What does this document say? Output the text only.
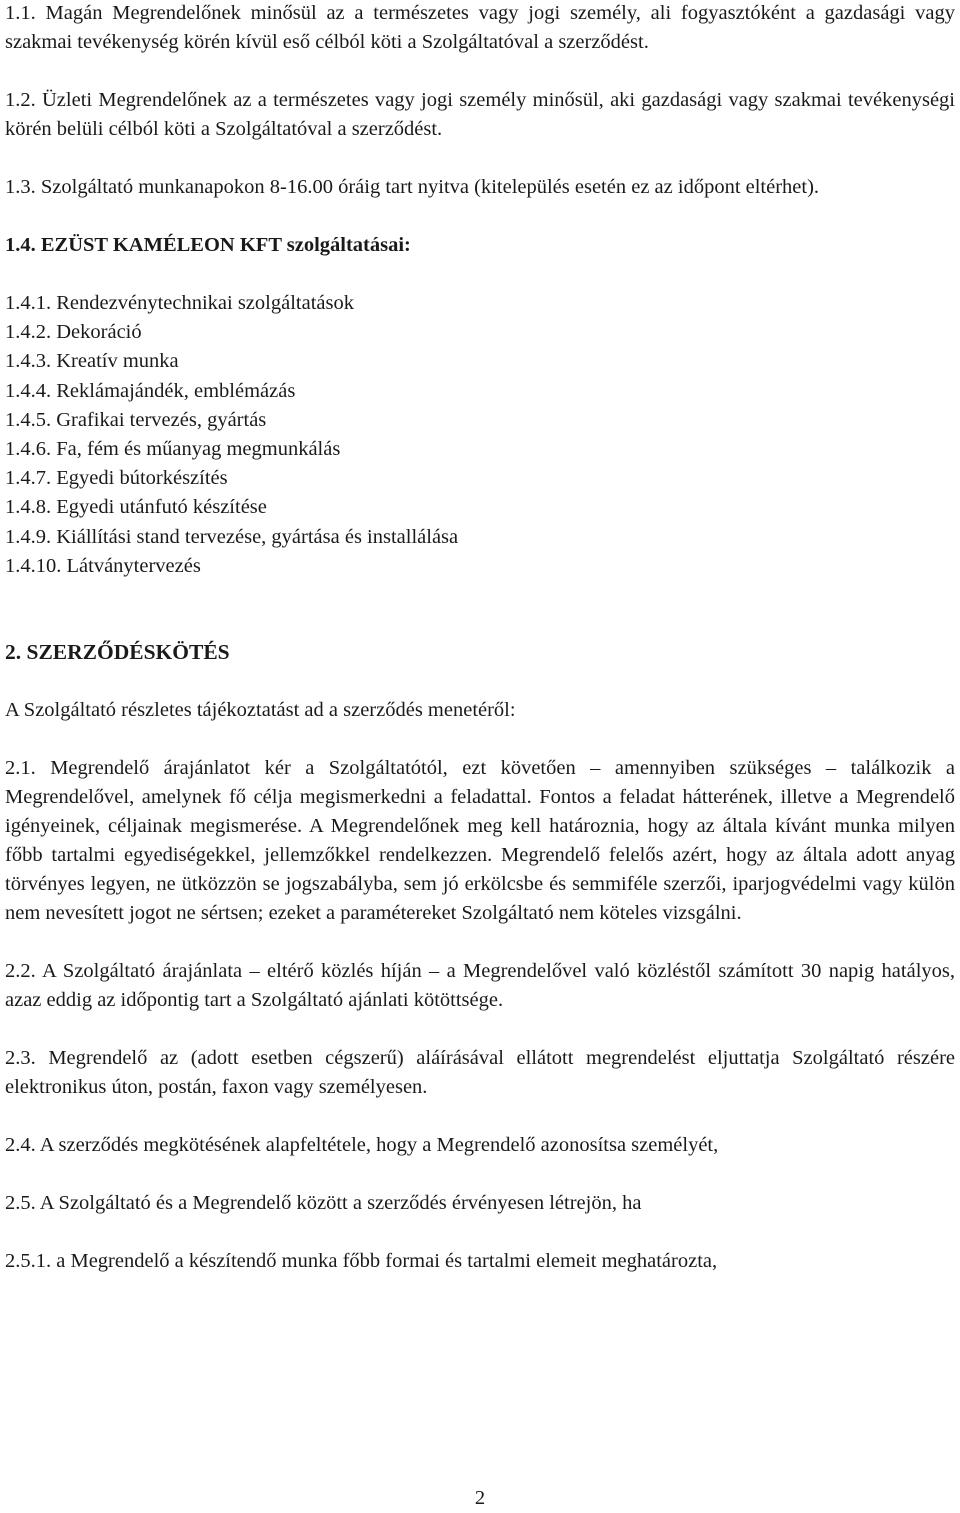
1.1. Magán Megrendelőnek minősül az a természetes vagy jogi személy, ali fogyasztóként a gazdasági vagy szakmai tevékenység körén kívül eső célból köti a Szolgáltatóval a szerződést.

1.2. Üzleti Megrendelőnek az a természetes vagy jogi személy minősül, aki gazdasági vagy szakmai tevékenységi körén belüli célból köti a Szolgáltatóval a szerződést.

1.3. Szolgáltató munkanapokon 8-16.00 óráig tart nyitva (kitelepülés esetén ez az időpont eltérhet).

1.4. EZÜST KAMÉLEON KFT szolgáltatásai:

1.4.1. Rendezvénytechnikai szolgáltatások

1.4.2. Dekoráció

1.4.3. Kreatív munka

1.4.4. Reklámajándék, emblémázás

1.4.5. Grafikai tervezés, gyártás

1.4.6. Fa, fém és műanyag megmunkálás

1.4.7. Egyedi bútorkészítés

1.4.8. Egyedi utánfutó készítése

1.4.9. Kiállítási stand tervezése, gyártása és installálása

1.4.10. Látványtervezés

2. SZERZŐDÉSKÖTÉS

A Szolgáltató részletes tájékoztatást ad a szerződés menetéről:

2.1. Megrendelő árajánlatot kér a Szolgáltatótól, ezt követően – amennyiben szükséges – találkozik a Megrendelővel, amelynek fő célja megismerkedni a feladattal. Fontos a feladat hátterének, illetve a Megrendelő igényeinek, céljainak megismerése. A Megrendelőnek meg kell határoznia, hogy az általa kívánt munka milyen főbb tartalmi egyediségekkel, jellemzőkkel rendelkezzen. Megrendelő felelős azért, hogy az általa adott anyag törvényes legyen, ne ütközzön se jogszabályba, sem jó erkölcsbe és semmiféle szerzői, iparjogvédelmi vagy külön nem nevesített jogot ne sértsen; ezeket a paramétereket Szolgáltató nem köteles vizsgálni.

2.2. A Szolgáltató árajánlata – eltérő közlés híján – a Megrendelővel való közléstől számított 30 napig hatályos, azaz eddig az időpontig tart a Szolgáltató ajánlati kötöttsége.

2.3. Megrendelő az (adott esetben cégszerű) aláírásával ellátott megrendelést eljuttatja Szolgáltató részére elektronikus úton, postán, faxon vagy személyesen.

2.4. A szerződés megkötésének alapfeltétele, hogy a Megrendelő azonosítsa személyét,

2.5. A Szolgáltató és a Megrendelő között a szerződés érvényesen létrejön, ha

2.5.1. a Megrendelő a készítendő munka főbb formai és tartalmi elemeit meghatározta,

2
